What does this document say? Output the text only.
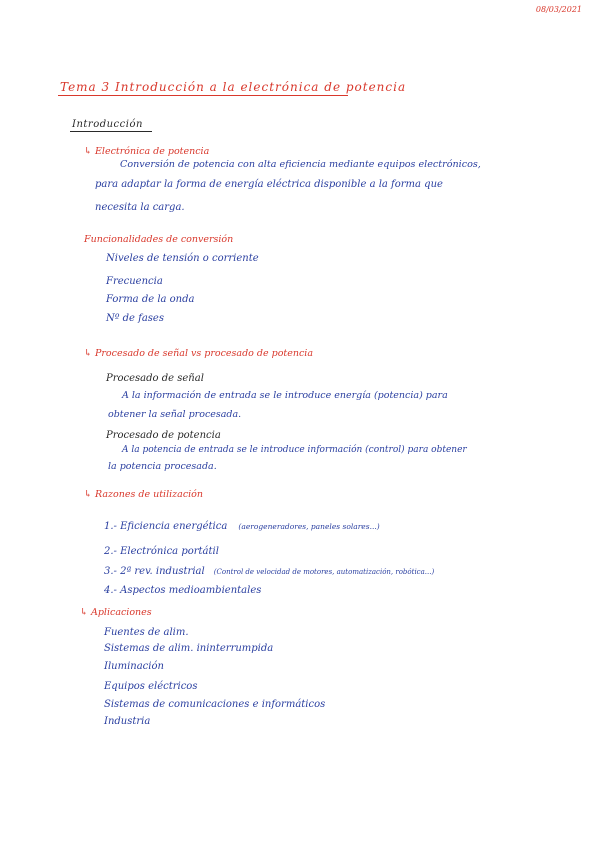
08/03/2021
Tema 3 Introducción a la electrónica de potencia
Introducción
↳ Electrónica de potencia
Conversión de potencia con alta eficiencia mediante equipos electrónicos,
para adaptar la forma de energía eléctrica disponible a la forma que
necesita la carga.
Funcionalidades de conversión
Niveles de tensión o corriente
Frecuencia
Forma de la onda
Nº de fases
↳ Procesado de señal vs procesado de potencia
Procesado de señal
A la información de entrada se le introduce energía (potencia) para
obtener la señal procesada.
Procesado de potencia
A la potencia de entrada se le introduce información (control) para obtener
la potencia procesada.
↳ Razones de utilización
1.- Eficiencia energética (aerogeneradores, paneles solares...)
2.- Electrónica portátil
3.- 2ª rev. industrial (Control de velocidad de motores, automatización, robótica...)
4.- Aspectos medioambientales
↳ Aplicaciones
Fuentes de alim.
Sistemas de alim. ininterrumpida
Iluminación
Equipos eléctricos
Sistemas de comunicaciones e informáticos
Industria
